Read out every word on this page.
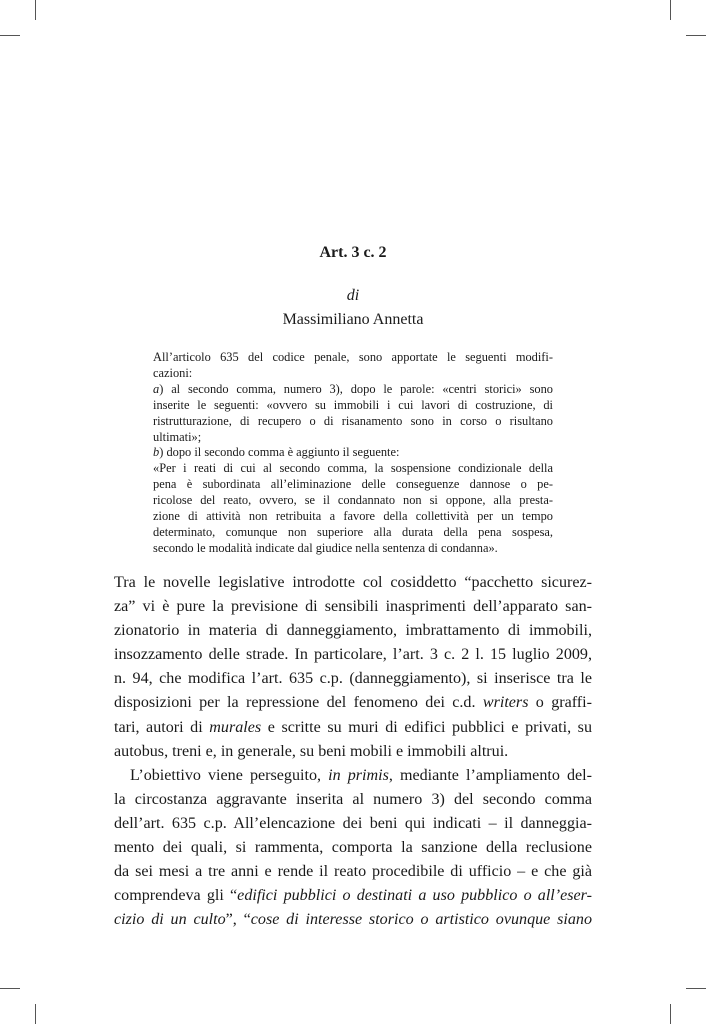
Art. 3 c. 2
di
Massimiliano Annetta
All’articolo 635 del codice penale, sono apportate le seguenti modifi-
cazioni:
a) al secondo comma, numero 3), dopo le parole: «centri storici» sono
inserite le seguenti: «ovvero su immobili i cui lavori di costruzione, di
ristrutturazione, di recupero o di risanamento sono in corso o risultano
ultimati»;
b) dopo il secondo comma è aggiunto il seguente:
«Per i reati di cui al secondo comma, la sospensione condizionale della
pena è subordinata all’eliminazione delle conseguenze dannose o pe-
ricolose del reato, ovvero, se il condannato non si oppone, alla presta-
zione di attività non retribuita a favore della collettività per un tempo
determinato, comunque non superiore alla durata della pena sospesa,
secondo le modalità indicate dal giudice nella sentenza di condanna».
Tra le novelle legislative introdotte col cosiddetto “pacchetto sicurez-
za” vi è pure la previsione di sensibili inasprimenti dell’apparato san-
zionatorio in materia di danneggiamento, imbrattamento di immobili,
insozzamento delle strade. In particolare, l’art. 3 c. 2 l. 15 luglio 2009,
n. 94, che modifica l’art. 635 c.p. (danneggiamento), si inserisce tra le
disposizioni per la repressione del fenomeno dei c.d. writers o graffi-
tari, autori di murales e scritte su muri di edifici pubblici e privati, su
autobus, treni e, in generale, su beni mobili e immobili altrui.
L’obiettivo viene perseguito, in primis, mediante l’ampliamento del-
la circostanza aggravante inserita al numero 3) del secondo comma
dell’art. 635 c.p. All’elencazione dei beni qui indicati – il danneggia-
mento dei quali, si rammenta, comporta la sanzione della reclusione
da sei mesi a tre anni e rende il reato procedibile di ufficio – e che già
comprendeva gli “edifici pubblici o destinati a uso pubblico o all’eser-
cizio di un culto”, “cose di interesse storico o artistico ovunque siano
